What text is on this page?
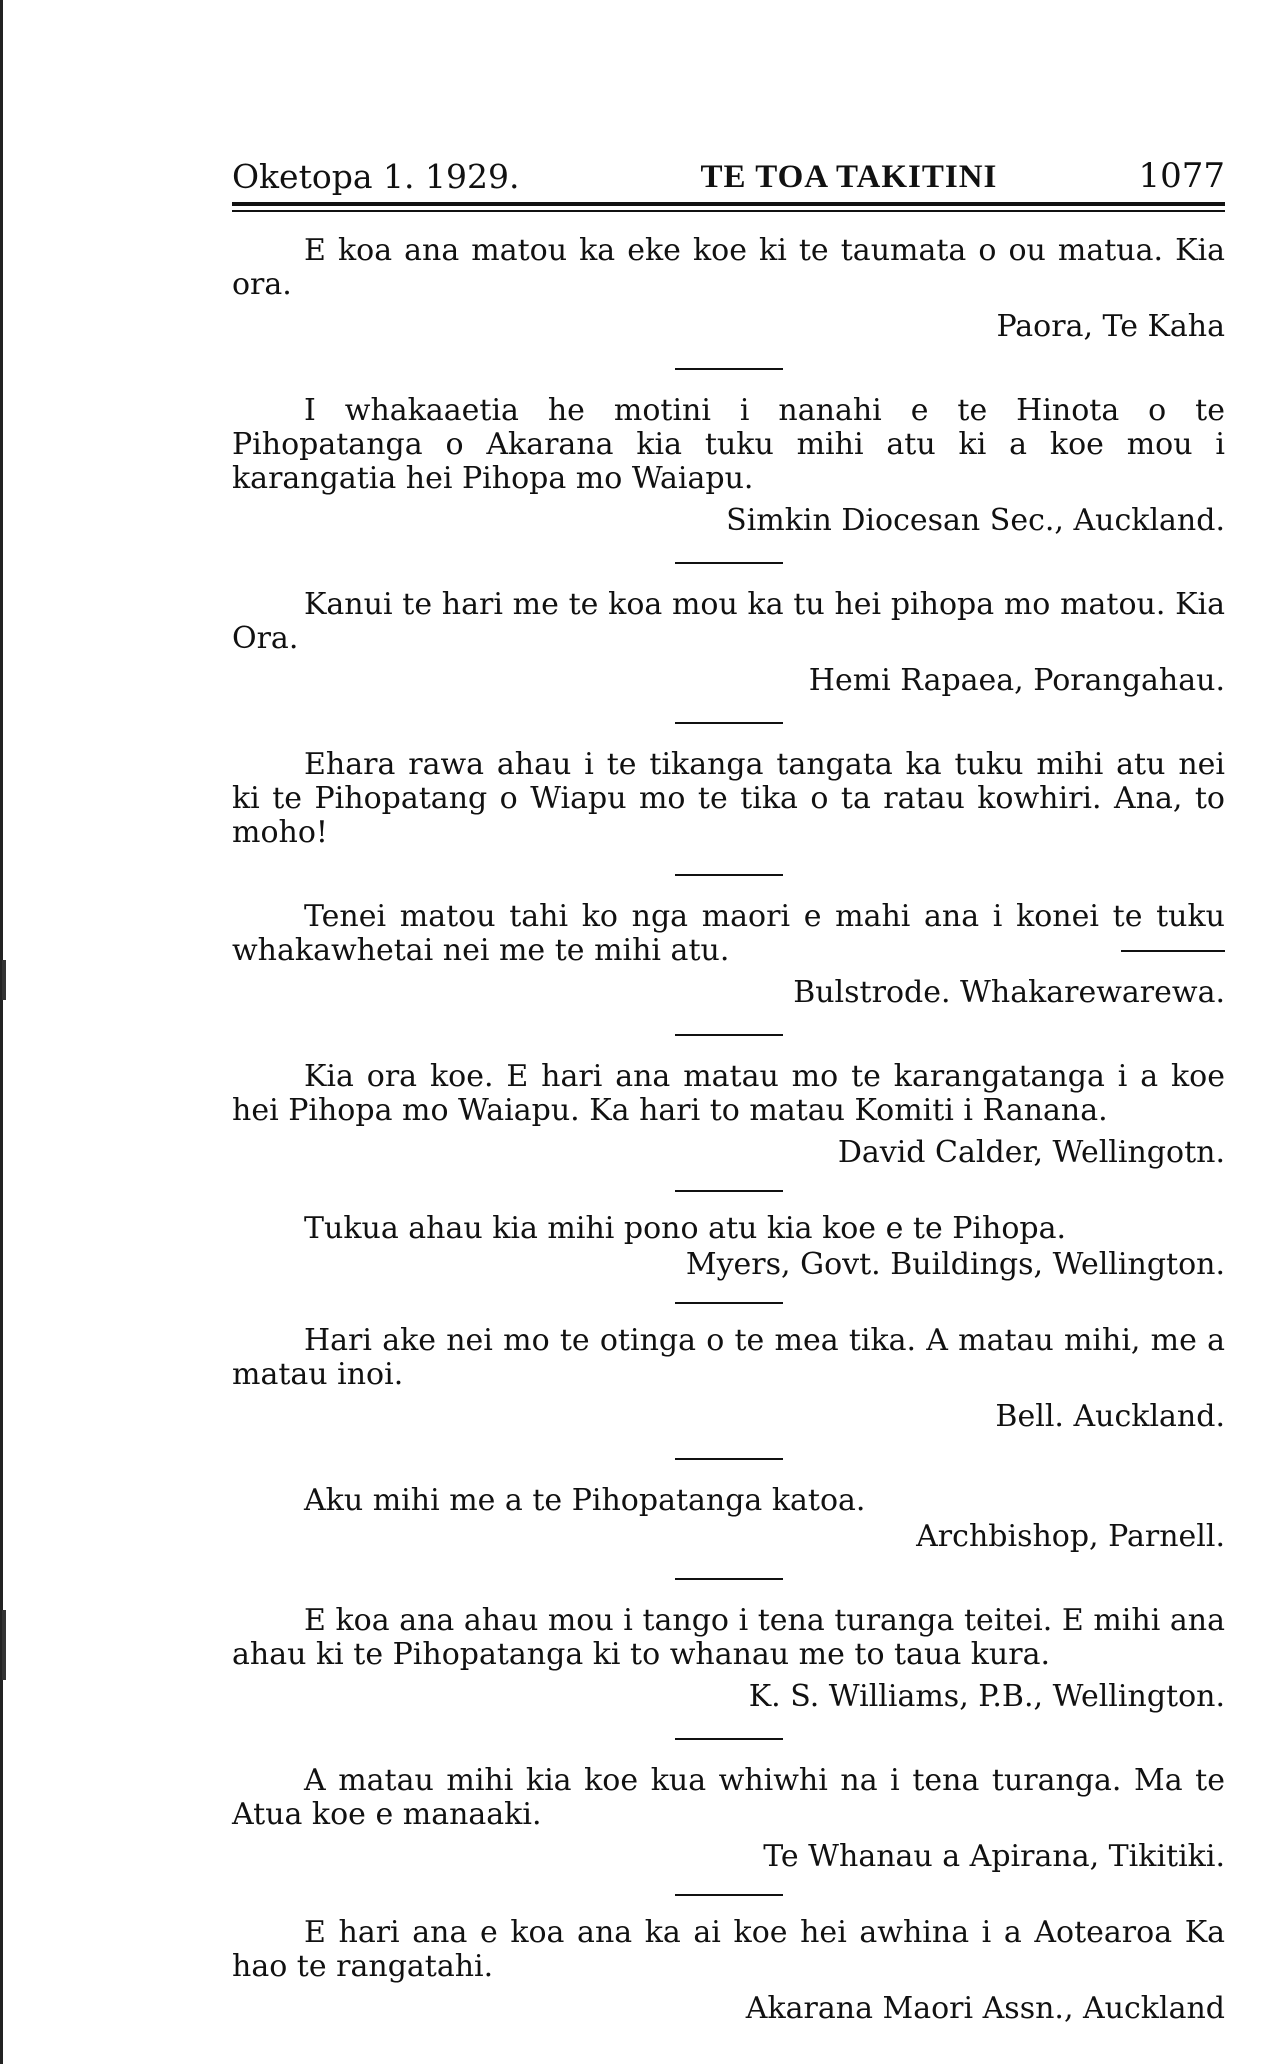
Oketopa 1. 1929.	TE TOA TAKITINI	1077
E koa ana matou ka eke koe ki te taumata o ou matua. Kia ora.
Paora, Te Kaha
I whakaaetia he motini i nanahi e te Hinota o te Pihopatanga o Akarana kia tuku mihi atu ki a koe mou i karangatia hei Pihopa mo Waiapu.
Simkin Diocesan Sec., Auckland.
Kanui te hari me te koa mou ka tu hei pihopa mo matou. Kia Ora.
Hemi Rapaea, Porangahau.
Ehara rawa ahau i te tikanga tangata ka tuku mihi atu nei ki te Pihopatang o Wiapu mo te tika o ta ratau kowhiri. Ana, to moho!
Tenei matou tahi ko nga maori e mahi ana i konei te tuku whakawhetai nei me te mihi atu.
Bulstrode. Whakarewarewa.
Kia ora koe. E hari ana matau mo te karangatanga i a koe hei Pihopa mo Waiapu. Ka hari to matau Komiti i Ranana.
David Calder, Wellingotn.
Tukua ahau kia mihi pono atu kia koe e te Pihopa.
Myers, Govt. Buildings, Wellington.
Hari ake nei mo te otinga o te mea tika. A matau mihi, me a matau inoi.
Bell. Auckland.
Aku mihi me a te Pihopatanga katoa.
Archbishop, Parnell.
E koa ana ahau mou i tango i tena turanga teitei. E mihi ana ahau ki te Pihopatanga ki to whanau me to taua kura.
K. S. Williams, P.B., Wellington.
A matau mihi kia koe kua whiwhi na i tena turanga. Ma te Atua koe e manaaki.
Te Whanau a Apirana, Tikitiki.
E hari ana e koa ana ka ai koe hei awhina i a Aotearoa Ka hao te rangatahi.
Akarana Maori Assn., Auckland
